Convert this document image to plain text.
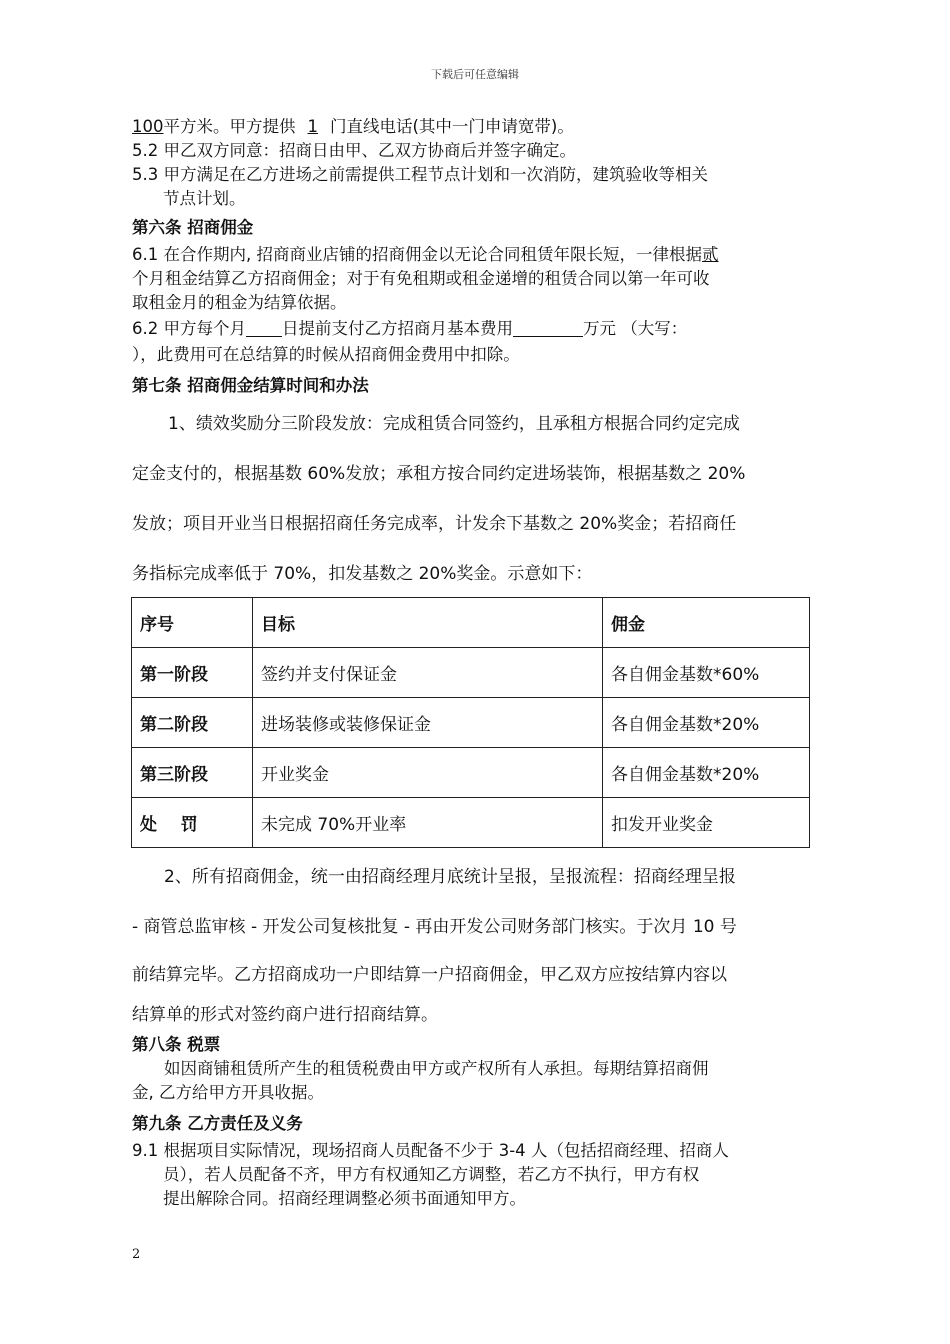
下载后可任意编辑
100平方米。甲方提供 1 门直线电话(其中一门申请宽带)。
5.2 甲乙双方同意：招商日由甲、乙双方协商后并签字确定。
5.3 甲方满足在乙方进场之前需提供工程节点计划和一次消防，建筑验收等相关
节点计划。
第六条 招商佣金
6.1 在合作期内, 招商商业店铺的招商佣金以无论合同租赁年限长短，一律根据贰
个月租金结算乙方招商佣金；对于有免租期或租金递增的租赁合同以第一年可收
取租金月的租金为结算依据。
6.2 甲方每个月 日提前支付乙方招商月基本费用	万元 （大写：
），此费用可在总结算的时候从招商佣金费用中扣除。
第七条 招商佣金结算时间和办法
1、绩效奖励分三阶段发放：完成租赁合同签约，且承租方根据合同约定完成
定金支付的，根据基数 60%发放；承租方按合同约定进场装饰，根据基数之 20%
发放；项目开业当日根据招商任务完成率，计发余下基数之 20%奖金；若招商任
务指标完成率低于 70%，扣发基数之 20%奖金。示意如下：
序号	目标	佣金
第一阶段	签约并支付保证金	各自佣金基数*60%
第二阶段	进场装修或装修保证金	各自佣金基数*20%
第三阶段	开业奖金	各自佣金基数*20%
处    罚	未完成 70%开业率	扣发开业奖金
2、所有招商佣金，统一由招商经理月底统计呈报，呈报流程：招商经理呈报
- 商管总监审核 - 开发公司复核批复 - 再由开发公司财务部门核实。于次月 10 号
前结算完毕。乙方招商成功一户即结算一户招商佣金，甲乙双方应按结算内容以
结算单的形式对签约商户进行招商结算。
第八条 税票
如因商铺租赁所产生的租赁税费由甲方或产权所有人承担。每期结算招商佣
金, 乙方给甲方开具收据。
第九条 乙方责任及义务
9.1 根据项目实际情况，现场招商人员配备不少于 3-4 人（包括招商经理、招商人
员），若人员配备不齐，甲方有权通知乙方调整，若乙方不执行，甲方有权
提出解除合同。招商经理调整必须书面通知甲方。
2
